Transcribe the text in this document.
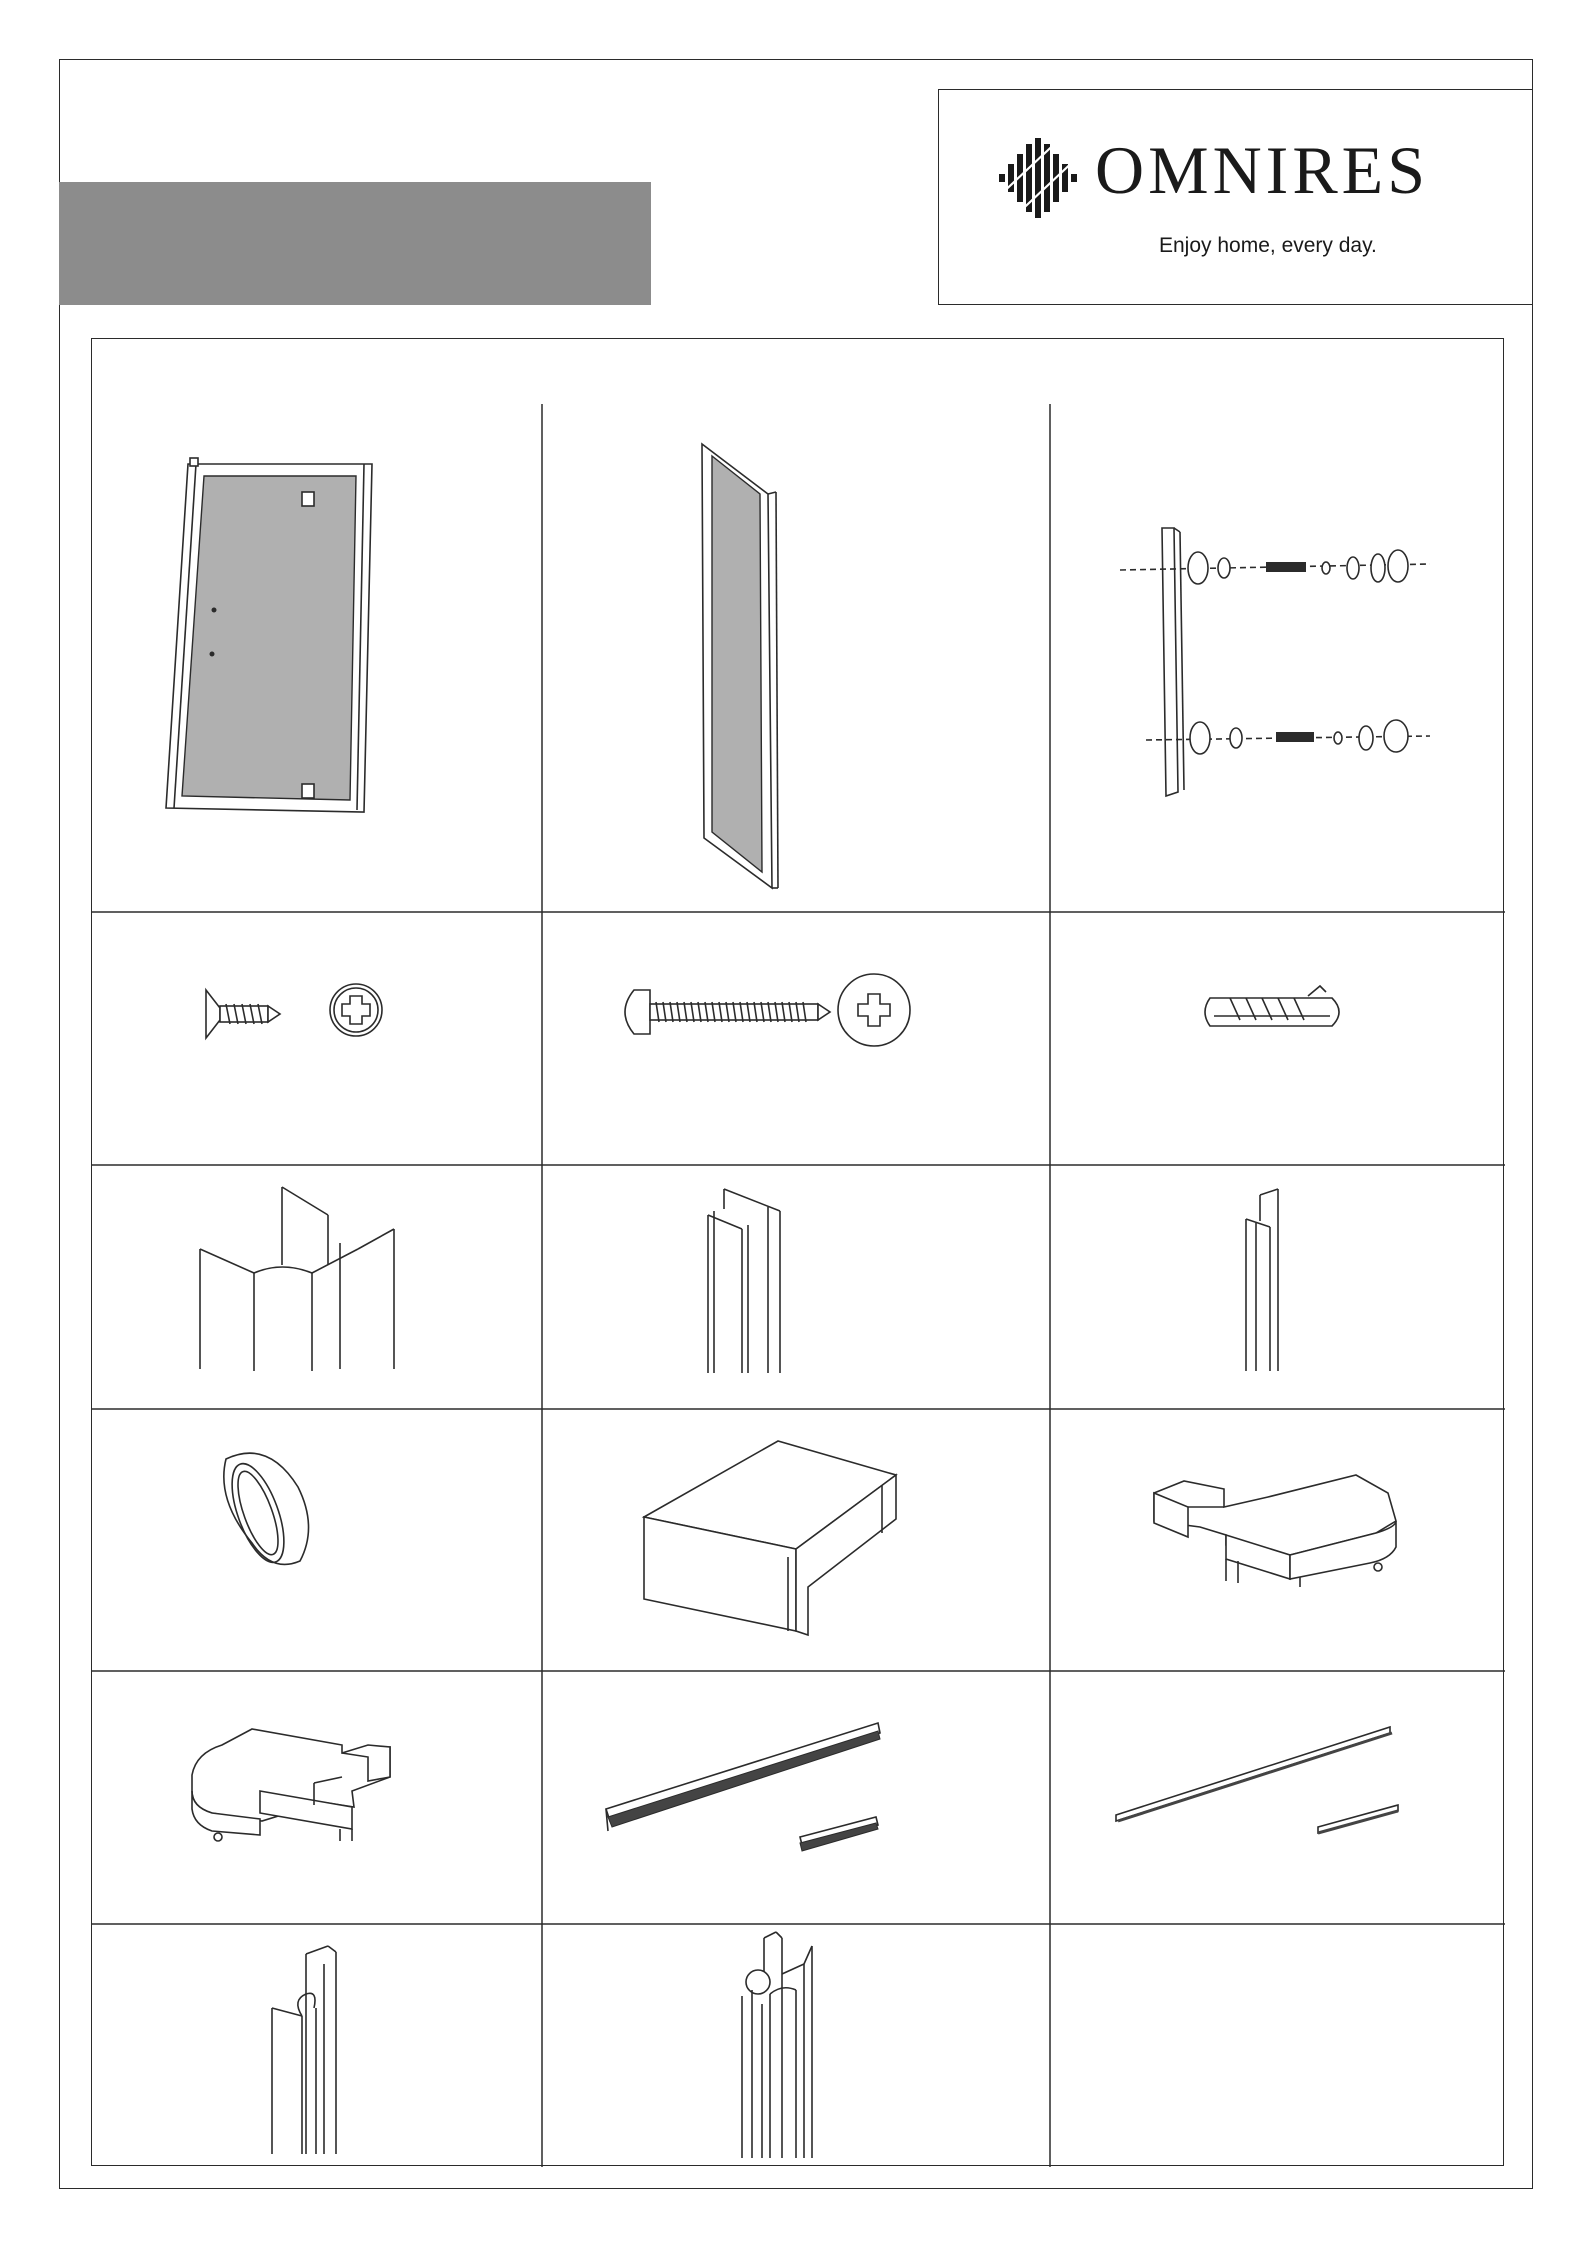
OMNIRES
Enjoy home, every day.
